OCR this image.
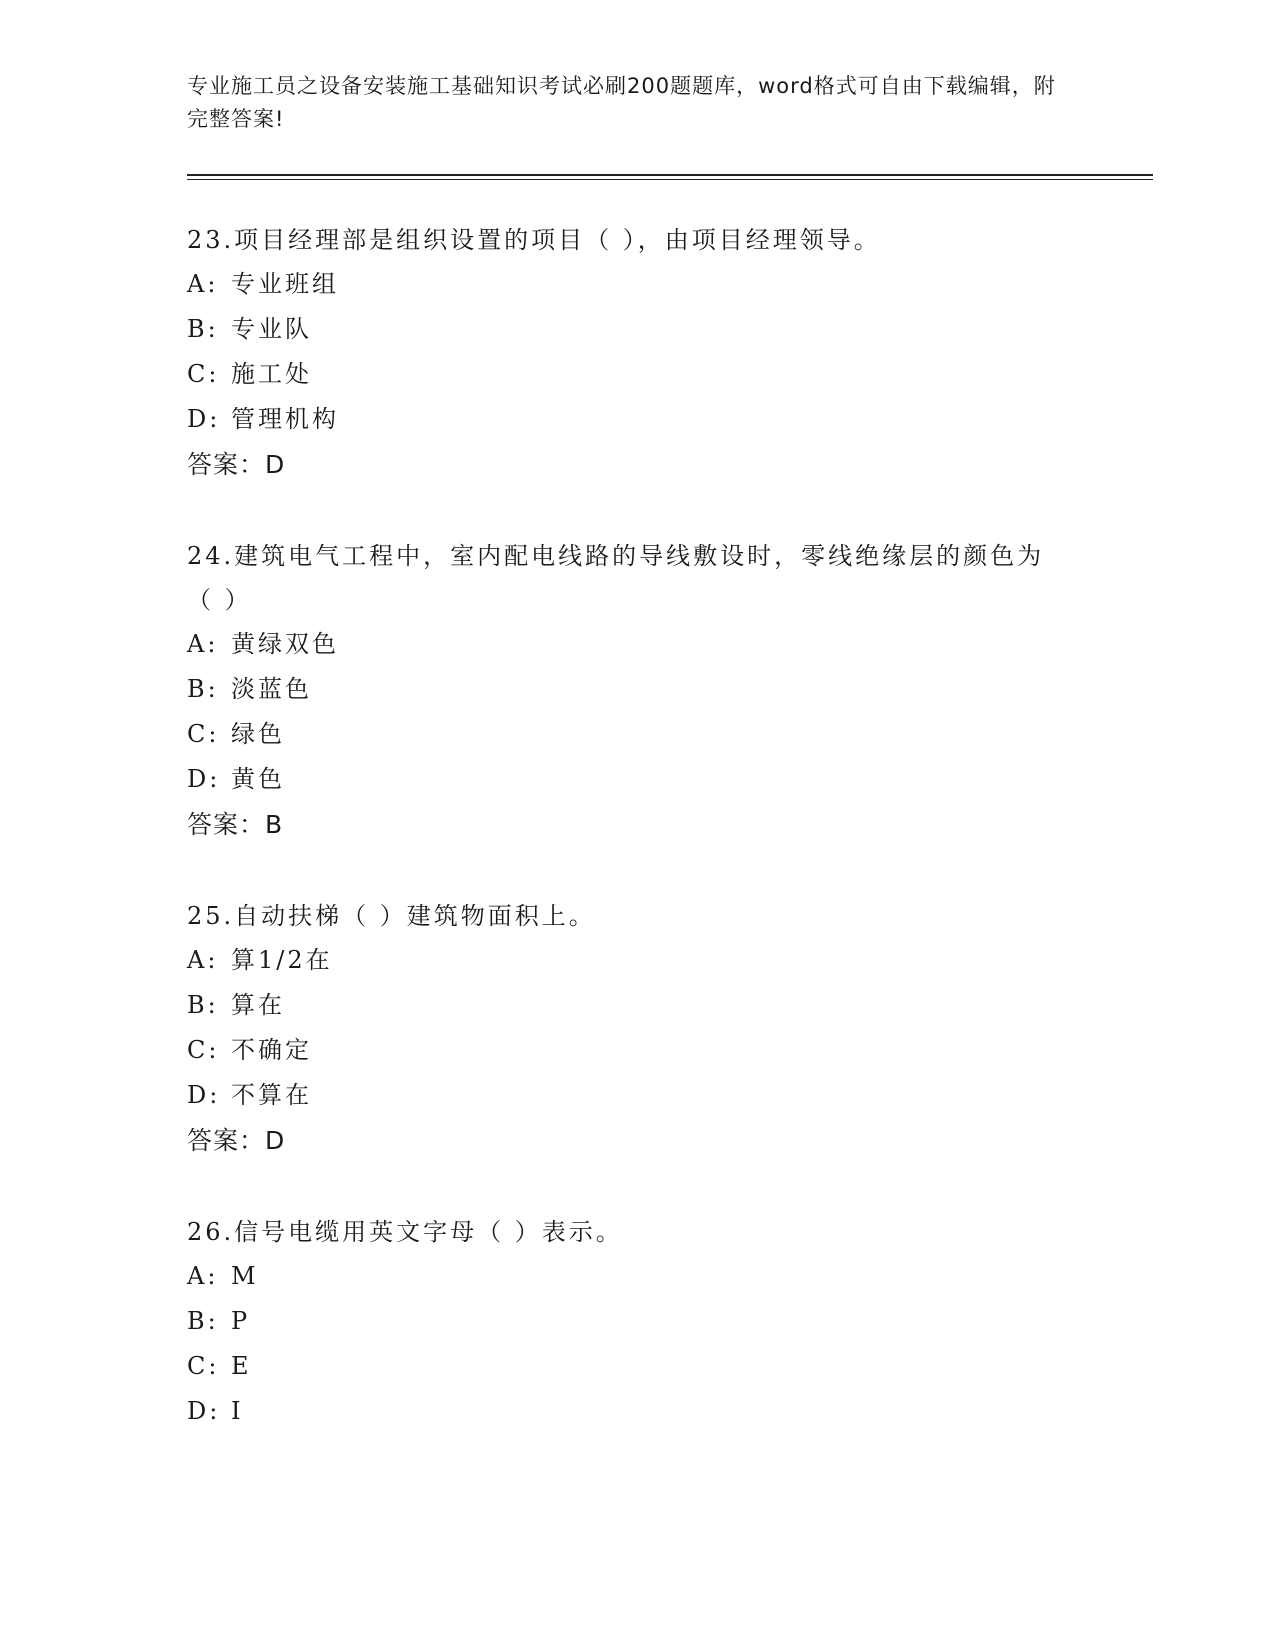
专业施工员之设备安装施工基础知识考试必刷200题题库，word格式可自由下载编辑，附完整答案!
23.项目经理部是组织设置的项目（ ），由项目经理领导。
A: 专业班组
B: 专业队
C: 施工处
D: 管理机构
答案：D
24.建筑电气工程中，室内配电线路的导线敷设时，零线绝缘层的颜色为（ ）
A: 黄绿双色
B: 淡蓝色
C: 绿色
D: 黄色
答案：B
25.自动扶梯（ ）建筑物面积上。
A: 算1/2在
B: 算在
C: 不确定
D: 不算在
答案：D
26.信号电缆用英文字母（ ）表示。
A: M
B: P
C: E
D: I
